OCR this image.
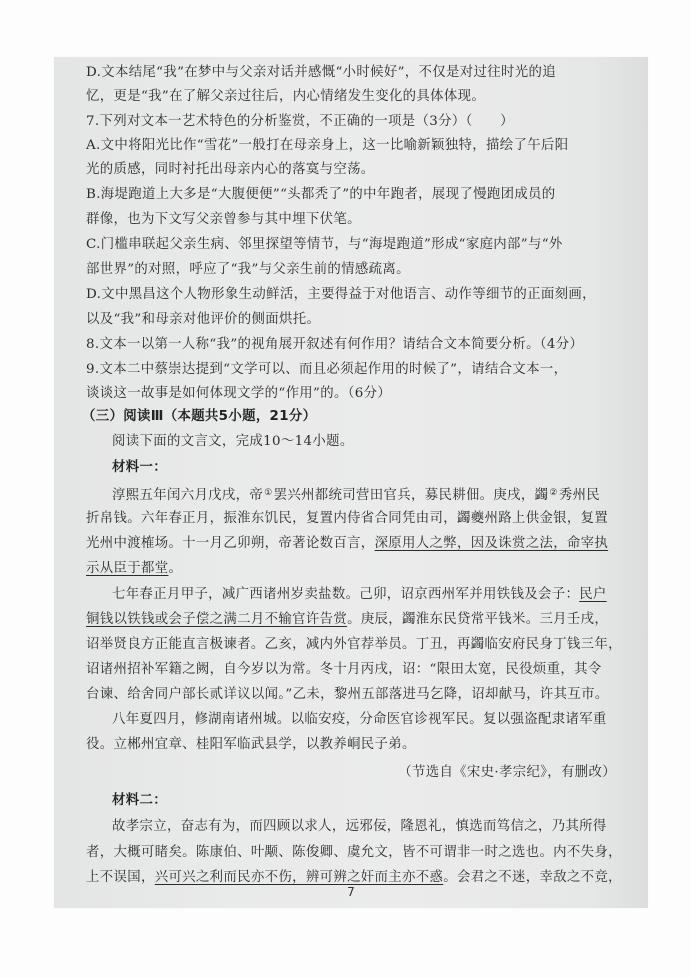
D.文本结尾“我”在梦中与父亲对话并感慨“小时候好”，不仅是对过往时光的追
忆，更是“我”在了解父亲过往后，内心情绪发生变化的具体体现。
7.下列对文本一艺术特色的分析鉴赏，不正确的一项是（3分）（　　）
A.文中将阳光比作“雪花”一般打在母亲身上，这一比喻新颖独特，描绘了午后阳
光的质感，同时衬托出母亲内心的落寞与空荡。
B.海堤跑道上大多是“大腹便便”“头都秃了”的中年跑者，展现了慢跑团成员的
群像，也为下文写父亲曾参与其中埋下伏笔。
C.门槛串联起父亲生病、邻里探望等情节，与“海堤跑道”形成“家庭内部”与“外
部世界”的对照，呼应了“我”与父亲生前的情感疏离。
D.文中黑昌这个人物形象生动鲜活，主要得益于对他语言、动作等细节的正面刻画，
以及“我”和母亲对他评价的侧面烘托。
8.文本一以第一人称“我”的视角展开叙述有何作用？请结合文本简要分析。（4分）
9.文本二中蔡崇达提到“文学可以、而且必须起作用的时候了”，请结合文本一，
谈谈这一故事是如何体现文学的“作用”的。（6分）
（三）阅读Ⅲ（本题共5小题，21分）
阅读下面的文言文，完成10～14小题。
材料一：
淳熙五年闰六月戊戌，帝①罢兴州都统司营田官兵，募民耕佃。庚戌，蠲②秀州民
折帛钱。六年春正月，振淮东饥民，复置内侍省合同凭由司，蠲夔州路上供金银，复置
光州中渡榷场。十一月乙卯朔，帝著论数百言，深原用人之弊，因及诛赏之法，命宰执
示从臣于都堂。
七年春正月甲子，减广西诸州岁卖盐数。己卯，诏京西州军并用铁钱及会子：民户
铜钱以铁钱或会子偿之满二月不输官许告赏。庚辰，蠲淮东民贷常平钱米。三月壬戌，
诏举贤良方正能直言极谏者。乙亥，减内外官荐举员。丁丑，再蠲临安府民身丁钱三年，
诏诸州招补军籍之阙，自今岁以为常。冬十月丙戌，诏：“限田太宽，民役烦重，其令
台谏、给舍同户部长贰详议以闻。”乙未，黎州五部落进马乞降，诏却献马，许其互市。
八年夏四月，修湖南诸州城。以临安疫，分命医官诊视军民。复以强盗配隶诸军重
役。立郴州宜章、桂阳军临武县学，以教养峒民子弟。
（节选自《宋史·孝宗纪》，有删改）
材料二：
故孝宗立，奋志有为，而四顾以求人，远邪佞，隆恩礼，慎选而笃信之，乃其所得
者，大概可睹矣。陈康伯、叶颙、陈俊卿、虞允文，皆不可谓非一时之选也。内不失身，
上不误国，兴可兴之利而民亦不伤，辨可辨之奸而主亦不惑。会君之不迷，幸敌之不竞，
7
